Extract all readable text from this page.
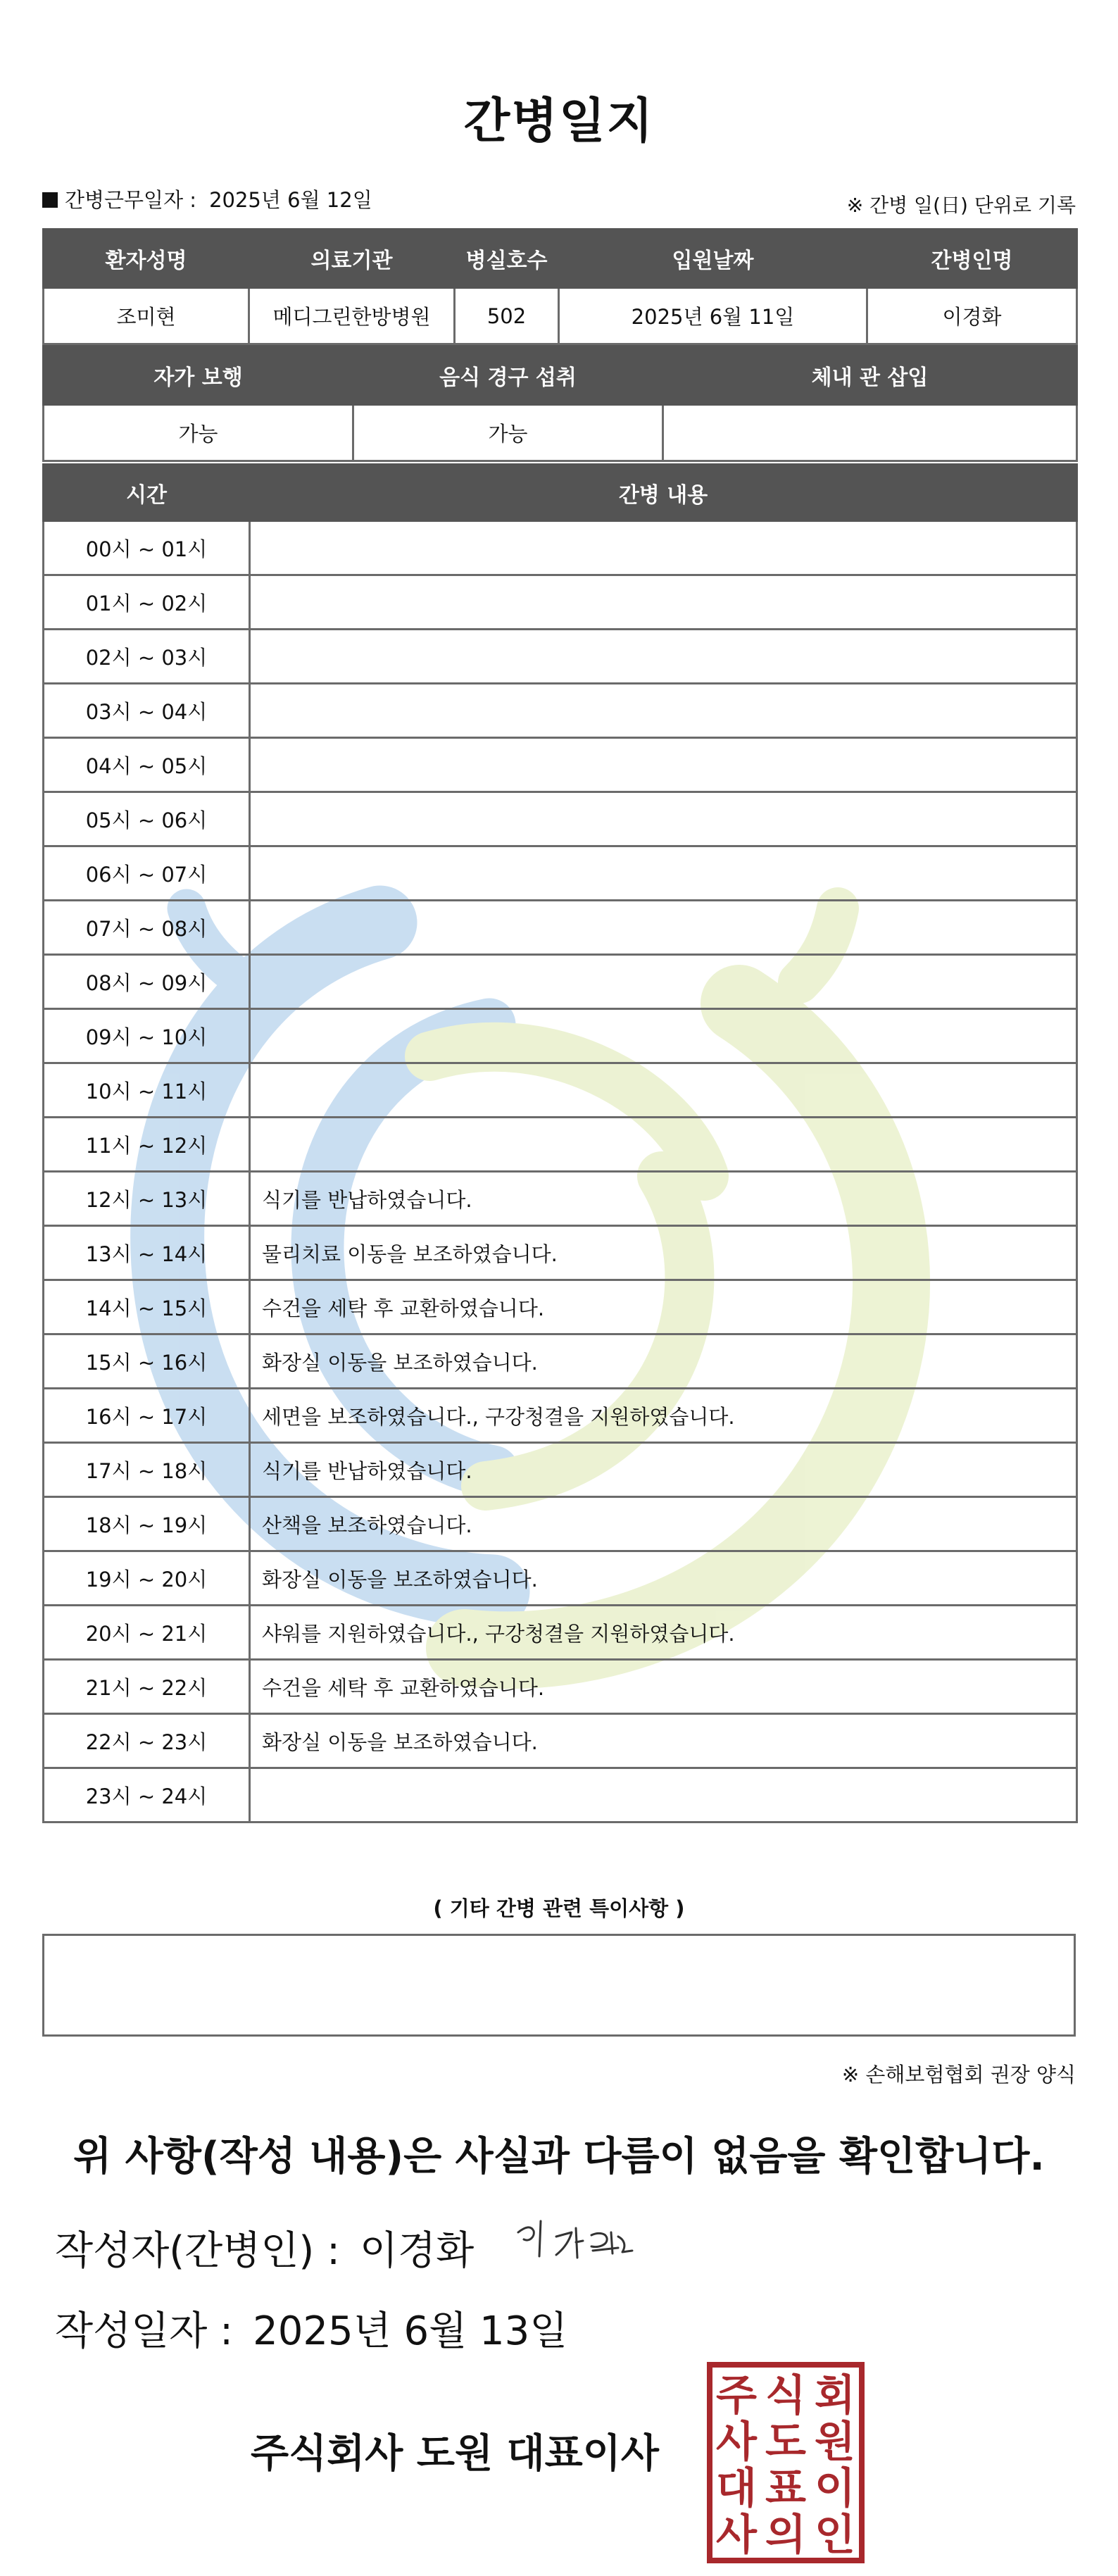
간병일지
간병근무일자 : 2025년 6월 12일	※ 간병 일(日) 단위로 기록
환자성명	의료기관	병실호수	입원날짜	간병인명
조미현	메디그린한방병원	502	2025년 6월 11일	이경화
자가 보행	음식 경구 섭취	체내 관 삽입
가능	가능	
시간	간병 내용
00시 ~ 01시	
01시 ~ 02시	
02시 ~ 03시	
03시 ~ 04시	
04시 ~ 05시	
05시 ~ 06시	
06시 ~ 07시	
07시 ~ 08시	
08시 ~ 09시	
09시 ~ 10시	
10시 ~ 11시	
11시 ~ 12시	
12시 ~ 13시	식기를 반납하였습니다.
13시 ~ 14시	물리치료 이동을 보조하였습니다.
14시 ~ 15시	수건을 세탁 후 교환하였습니다.
15시 ~ 16시	화장실 이동을 보조하였습니다.
16시 ~ 17시	세면을 보조하였습니다., 구강청결을 지원하였습니다.
17시 ~ 18시	식기를 반납하였습니다.
18시 ~ 19시	산책을 보조하였습니다.
19시 ~ 20시	화장실 이동을 보조하였습니다.
20시 ~ 21시	샤워를 지원하였습니다., 구강청결을 지원하였습니다.
21시 ~ 22시	수건을 세탁 후 교환하였습니다.
22시 ~ 23시	화장실 이동을 보조하였습니다.
23시 ~ 24시	
( 기타 간병 관련 특이사항 )
※ 손해보험협회 권장 양식
위 사항(작성 내용)은 사실과 다름이 없음을 확인합니다.
작성자(간병인) : 이경화
작성일자 : 2025년 6월 13일
주식회사 도원 대표이사
주 식 회
사 도 원
대 표 이
사 의 인
